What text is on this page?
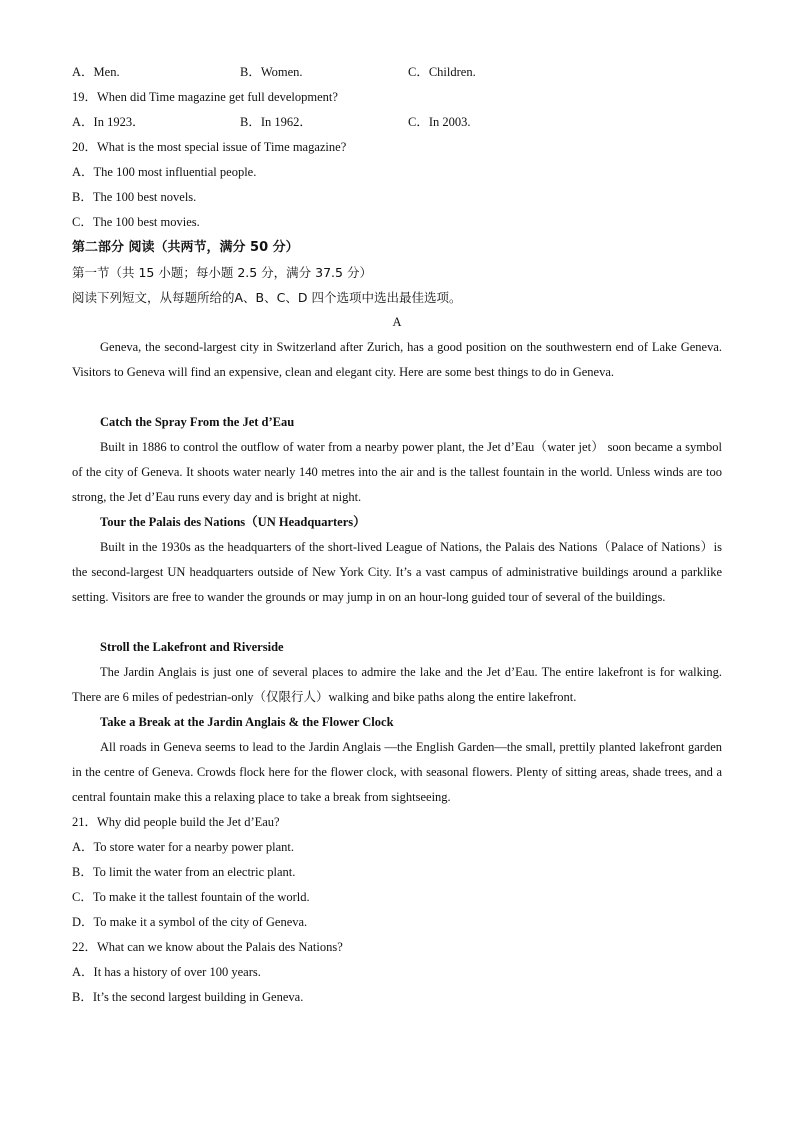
A．Men.	B．Women.	C．Children.
19．When did Time magazine get full development?
A．In 1923．	B．In 1962．	C．In 2003.
20．What is the most special issue of Time magazine?
A．The 100 most influential people.
B．The 100 best novels.
C．The 100 best movies.
第二部分 阅读（共两节，满分 50 分）
第一节（共 15 小题；每小题 2.5 分，满分 37.5 分）
阅读下列短文，从每题所给的A、B、C、D 四个选项中选出最佳选项。
A
Geneva, the second-largest city in Switzerland after Zurich, has a good position on the southwestern end of Lake Geneva. Visitors to Geneva will find an expensive, clean and elegant city. Here are some best things to do in Geneva.
Catch the Spray From the Jet d’Eau
Built in 1886 to control the outflow of water from a nearby power plant, the Jet d’Eau（water jet） soon became a symbol of the city of Geneva. It shoots water nearly 140 metres into the air and is the tallest fountain in the world. Unless winds are too strong, the Jet d’Eau runs every day and is bright at night.
Tour the Palais des Nations（UN Headquarters）
Built in the 1930s as the headquarters of the short-lived League of Nations, the Palais des Nations（Palace of Nations）is the second-largest UN headquarters outside of New York City. It’s a vast campus of administrative buildings around a parklike setting. Visitors are free to wander the grounds or may jump in on an hour-long guided tour of several of the buildings.
Stroll the Lakefront and Riverside
The Jardin Anglais is just one of several places to admire the lake and the Jet d’Eau. The entire lakefront is for walking. There are 6 miles of pedestrian-only（仅限行人）walking and bike paths along the entire lakefront.
Take a Break at the Jardin Anglais & the Flower Clock
All roads in Geneva seems to lead to the Jardin Anglais —the English Garden—the small, prettily planted lakefront garden in the centre of Geneva. Crowds flock here for the flower clock, with seasonal flowers. Plenty of sitting areas, shade trees, and a central fountain make this a relaxing place to take a break from sightseeing.
21．Why did people build the Jet d’Eau?
A．To store water for a nearby power plant.
B．To limit the water from an electric plant.
C．To make it the tallest fountain of the world.
D．To make it a symbol of the city of Geneva.
22．What can we know about the Palais des Nations?
A．It has a history of over 100 years.
B．It’s the second largest building in Geneva.
